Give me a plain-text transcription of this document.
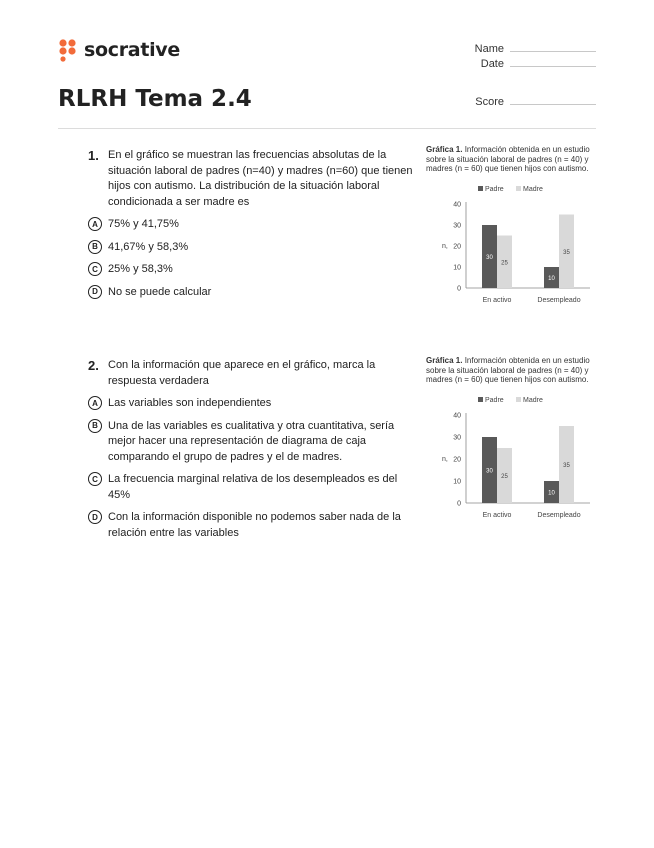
socrative	Name
Date
Score
RLRH Tema 2.4
1. En el gráfico se muestran las frecuencias absolutas de la situación laboral de padres (n=40) y madres (n=60) que tienen hijos con autismo. La distribución de la situación laboral condicionada a ser madre es
A 75% y 41,75%
B 41,67% y 58,3%
C 25% y 58,3%
D No se puede calcular
Gráfica 1. Información obtenida en un estudio sobre la situación laboral de padres (n = 40) y madres (n = 60) que tienen hijos con autismo.
Padre	Madre
0
10
20
30
40
n,
30
25
En activo
10
35
Desempleado
2. Con la información que aparece en el gráfico, marca la respuesta verdadera
A Las variables son independientes
B Una de las variables es cualitativa y otra cuantitativa, sería mejor hacer una representación de diagrama de caja comparando el grupo de padres y el de madres.
C La frecuencia marginal relativa de los desempleados es del 45%
D Con la información disponible no podemos saber nada de la relación entre las variables
Gráfica 1. Información obtenida en un estudio sobre la situación laboral de padres (n = 40) y madres (n = 60) que tienen hijos con autismo.
Padre	Madre
0
10
20
30
40
n,
30
25
En activo
10
35
Desempleado
